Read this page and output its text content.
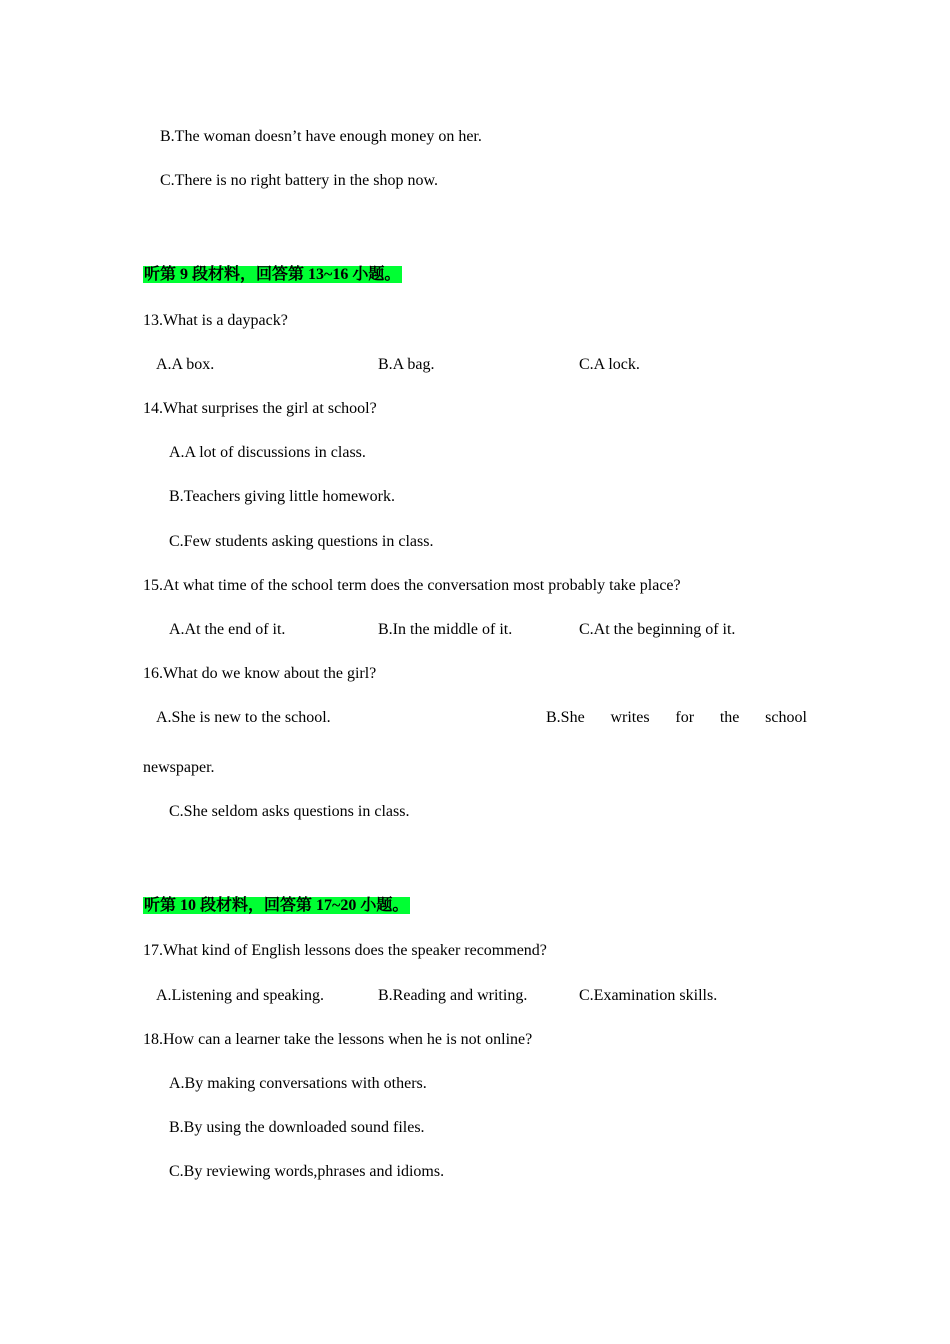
B.The woman doesn’t have enough money on her.
C.There is no right battery in the shop now.
听第 9 段材料，回答第 13~16 小题。
13.What is a daypack?
A.A box.	B.A bag.	C.A lock.
14.What surprises the girl at school?
A.A lot of discussions in class.
B.Teachers giving little homework.
C.Few students asking questions in class.
15.At what time of the school term does the conversation most probably take place?
A.At the end of it.	B.In the middle of it.	C.At the beginning of it.
16.What do we know about the girl?
A.She is new to the school.	B.She writes for the school
newspaper.
C.She seldom asks questions in class.
听第 10 段材料，回答第 17~20 小题。
17.What kind of English lessons does the speaker recommend?
A.Listening and speaking.	B.Reading and writing.	C.Examination skills.
18.How can a learner take the lessons when he is not online?
A.By making conversations with others.
B.By using the downloaded sound files.
C.By reviewing words,phrases and idioms.
